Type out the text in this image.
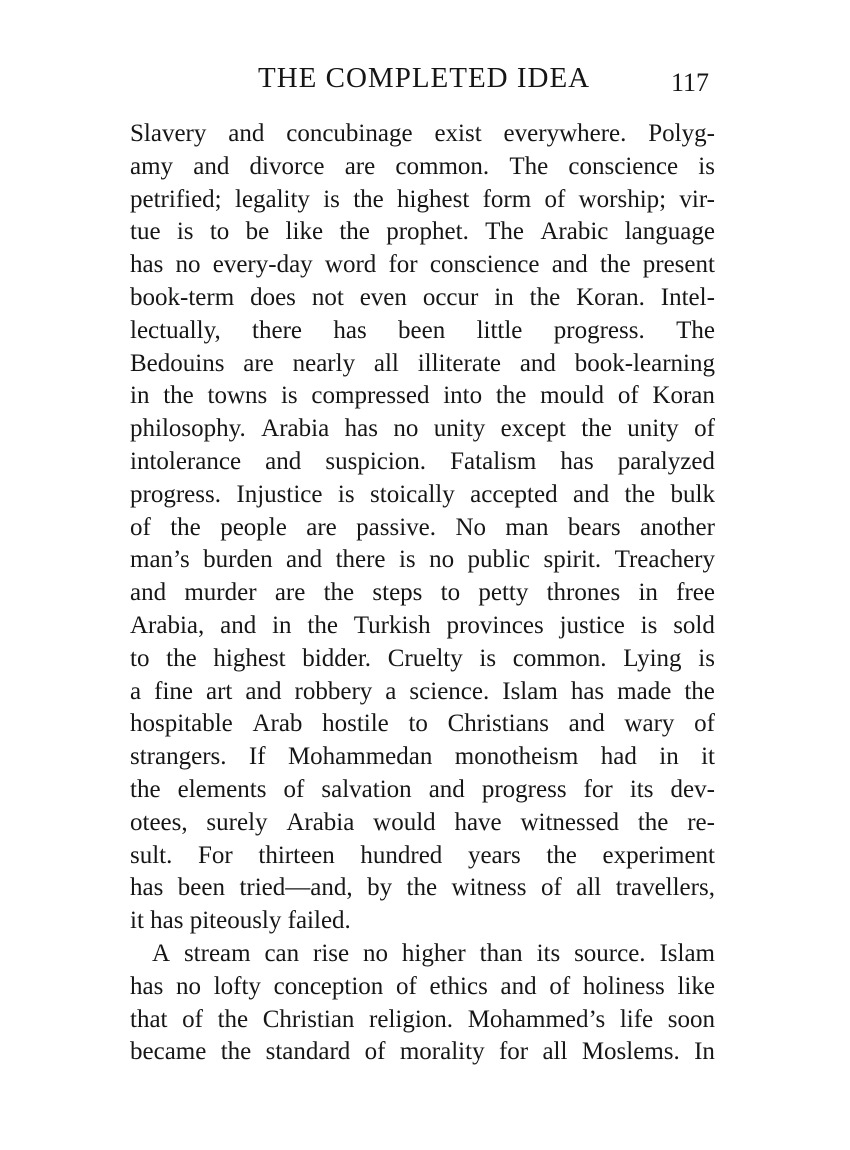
THE COMPLETED IDEA	117
Slavery and concubinage exist everywhere. Polyg-
amy and divorce are common. The conscience is
petrified; legality is the highest form of worship; vir-
tue is to be like the prophet. The Arabic language
has no every-day word for conscience and the present
book-term does not even occur in the Koran. Intel-
lectually, there has been little progress. The
Bedouins are nearly all illiterate and book-learning
in the towns is compressed into the mould of Koran
philosophy. Arabia has no unity except the unity of
intolerance and suspicion. Fatalism has paralyzed
progress. Injustice is stoically accepted and the bulk
of the people are passive. No man bears another
man’s burden and there is no public spirit. Treachery
and murder are the steps to petty thrones in free
Arabia, and in the Turkish provinces justice is sold
to the highest bidder. Cruelty is common. Lying is
a fine art and robbery a science. Islam has made the
hospitable Arab hostile to Christians and wary of
strangers. If Mohammedan monotheism had in it
the elements of salvation and progress for its dev-
otees, surely Arabia would have witnessed the re-
sult. For thirteen hundred years the experiment
has been tried—and, by the witness of all travellers,
it has piteously failed.
A stream can rise no higher than its source. Islam
has no lofty conception of ethics and of holiness like
that of the Christian religion. Mohammed’s life soon
became the standard of morality for all Moslems. In
